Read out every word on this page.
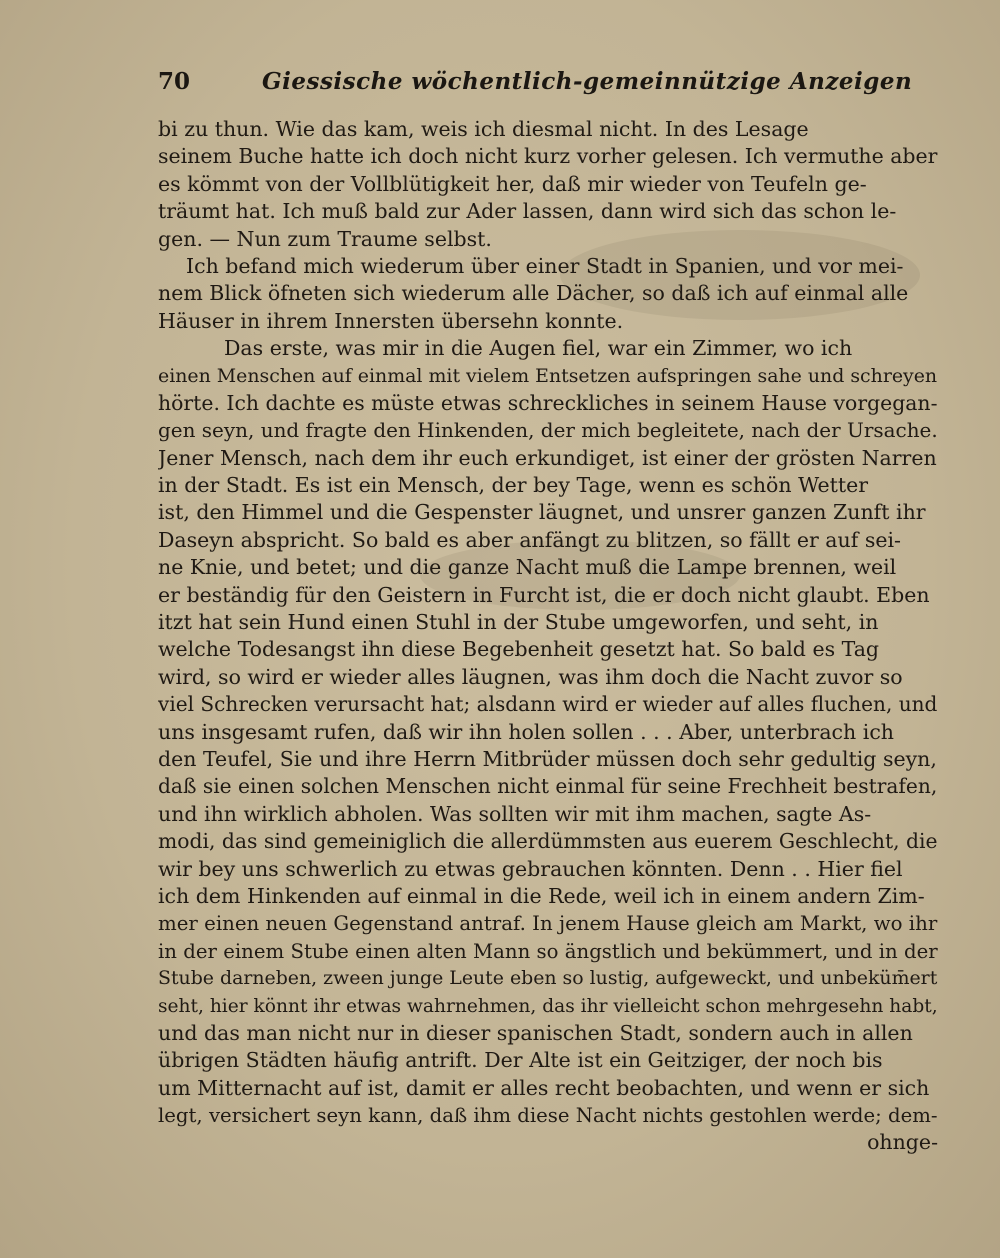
70	Giessische wöchentlich-gemeinnützige Anzeigen
bi zu thun. Wie das kam, weis ich diesmal nicht. In des Lesage
seinem Buche hatte ich doch nicht kurz vorher gelesen. Ich vermuthe aber
es kömmt von der Vollblütigkeit her, daß mir wieder von Teufeln ge-
träumt hat. Ich muß bald zur Ader lassen, dann wird sich das schon le-
gen. — Nun zum Traume selbst.
Ich befand mich wiederum über einer Stadt in Spanien, und vor mei-
nem Blick öfneten sich wiederum alle Dächer, so daß ich auf einmal alle
Häuser in ihrem Innersten übersehn konnte.
Das erste, was mir in die Augen fiel, war ein Zimmer, wo ich
einen Menschen auf einmal mit vielem Entsetzen aufspringen sahe und schreyen
hörte. Ich dachte es müste etwas schreckliches in seinem Hause vorgegan-
gen seyn, und fragte den Hinkenden, der mich begleitete, nach der Ursache.
Jener Mensch, nach dem ihr euch erkundiget, ist einer der grösten Narren
in der Stadt. Es ist ein Mensch, der bey Tage, wenn es schön Wetter
ist, den Himmel und die Gespenster läugnet, und unsrer ganzen Zunft ihr
Daseyn abspricht. So bald es aber anfängt zu blitzen, so fällt er auf sei-
ne Knie, und betet; und die ganze Nacht muß die Lampe brennen, weil
er beständig für den Geistern in Furcht ist, die er doch nicht glaubt. Eben
itzt hat sein Hund einen Stuhl in der Stube umgeworfen, und seht, in
welche Todesangst ihn diese Begebenheit gesetzt hat. So bald es Tag
wird, so wird er wieder alles läugnen, was ihm doch die Nacht zuvor so
viel Schrecken verursacht hat; alsdann wird er wieder auf alles fluchen, und
uns insgesamt rufen, daß wir ihn holen sollen . . . Aber, unterbrach ich
den Teufel, Sie und ihre Herrn Mitbrüder müssen doch sehr gedultig seyn,
daß sie einen solchen Menschen nicht einmal für seine Frechheit bestrafen,
und ihn wirklich abholen. Was sollten wir mit ihm machen, sagte As-
modi, das sind gemeiniglich die allerdümmsten aus euerem Geschlecht, die
wir bey uns schwerlich zu etwas gebrauchen könnten. Denn . . Hier fiel
ich dem Hinkenden auf einmal in die Rede, weil ich in einem andern Zim-
mer einen neuen Gegenstand antraf. In jenem Hause gleich am Markt, wo ihr
in der einem Stube einen alten Mann so ängstlich und bekümmert, und in der
Stube darneben, zween junge Leute eben so lustig, aufgeweckt, und unbeküm̄ert
seht, hier könnt ihr etwas wahrnehmen, das ihr vielleicht schon mehrgesehn habt,
und das man nicht nur in dieser spanischen Stadt, sondern auch in allen
übrigen Städten häufig antrift. Der Alte ist ein Geitziger, der noch bis
um Mitternacht auf ist, damit er alles recht beobachten, und wenn er sich
legt, versichert seyn kann, daß ihm diese Nacht nichts gestohlen werde; dem-
ohnge-
